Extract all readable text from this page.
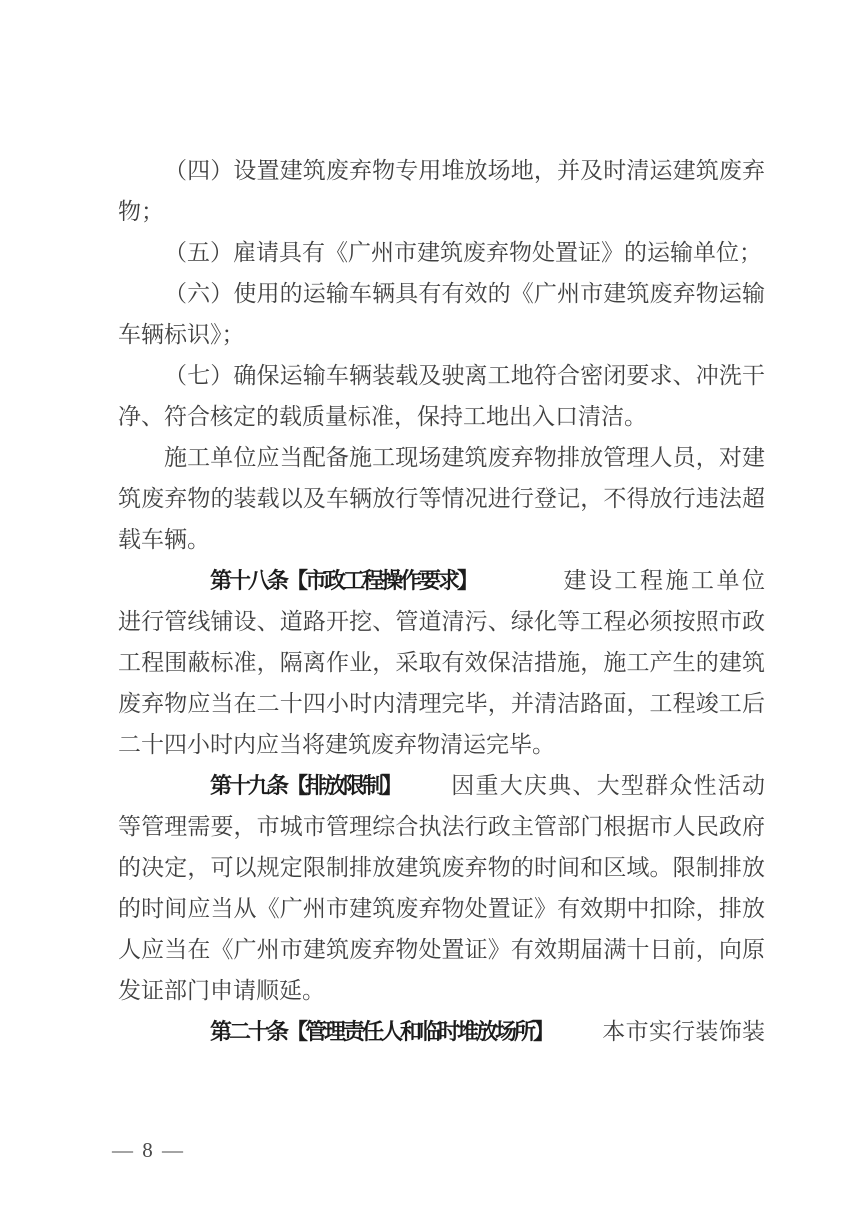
（四）设置建筑废弃物专用堆放场地，并及时清运建筑废弃物；
（五）雇请具有《广州市建筑废弃物处置证》的运输单位；
（六）使用的运输车辆具有有效的《广州市建筑废弃物运输车辆标识》；
（七）确保运输车辆装载及驶离工地符合密闭要求、冲洗干净、符合核定的载质量标准，保持工地出入口清洁。
施工单位应当配备施工现场建筑废弃物排放管理人员，对建筑废弃物的装载以及车辆放行等情况进行登记，不得放行违法超载车辆。
第十八条【市政工程操作要求】	建设工程施工单位进行管线铺设、道路开挖、管道清污、绿化等工程必须按照市政工程围蔽标准，隔离作业，采取有效保洁措施，施工产生的建筑废弃物应当在二十四小时内清理完毕，并清洁路面，工程竣工后二十四小时内应当将建筑废弃物清运完毕。
第十九条【排放限制】 因重大庆典、大型群众性活动等管理需要，市城市管理综合执法行政主管部门根据市人民政府的决定，可以规定限制排放建筑废弃物的时间和区域。限制排放的时间应当从《广州市建筑废弃物处置证》有效期中扣除，排放人应当在《广州市建筑废弃物处置证》有效期届满十日前，向原发证部门申请顺延。
第二十条【管理责任人和临时堆放场所】 本市实行装饰装
— 8 —
